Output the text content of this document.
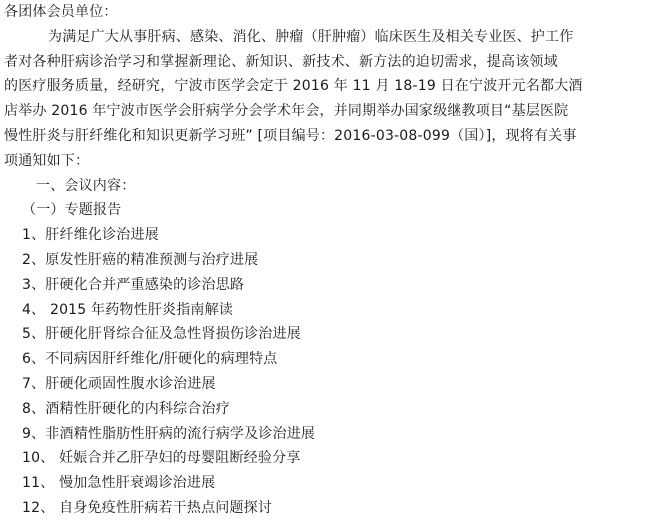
各团体会员单位：
为满足广大从事肝病、感染、消化、肿瘤（肝肿瘤）临床医生及相关专业医、护工作
者对各种肝病诊治学习和掌握新理论、新知识、新技术、新方法的迫切需求，提高该领域
的医疗服务质量，经研究，宁波市医学会定于 2016 年 11 月 18-19 日在宁波开元名都大酒
店举办 2016 年宁波市医学会肝病学分会学术年会，并同期举办国家级继教项目“基层医院
慢性肝炎与肝纤维化和知识更新学习班” [项目编号：2016-03-08-099（国）]，现将有关事
项通知如下：
一、会议内容：
（一）专题报告
1、肝纤维化诊治进展
2、原发性肝癌的精准预测与治疗进展
3、肝硬化合并严重感染的诊治思路
4、 2015 年药物性肝炎指南解读
5、肝硬化肝肾综合征及急性肾损伤诊治进展
6、不同病因肝纤维化/肝硬化的病理特点
7、肝硬化顽固性腹水诊治进展
8、酒精性肝硬化的内科综合治疗
9、非酒精性脂肪性肝病的流行病学及诊治进展
10、 妊娠合并乙肝孕妇的母婴阻断经验分享
11、 慢加急性肝衰竭诊治进展
12、 自身免疫性肝病若干热点问题探讨
